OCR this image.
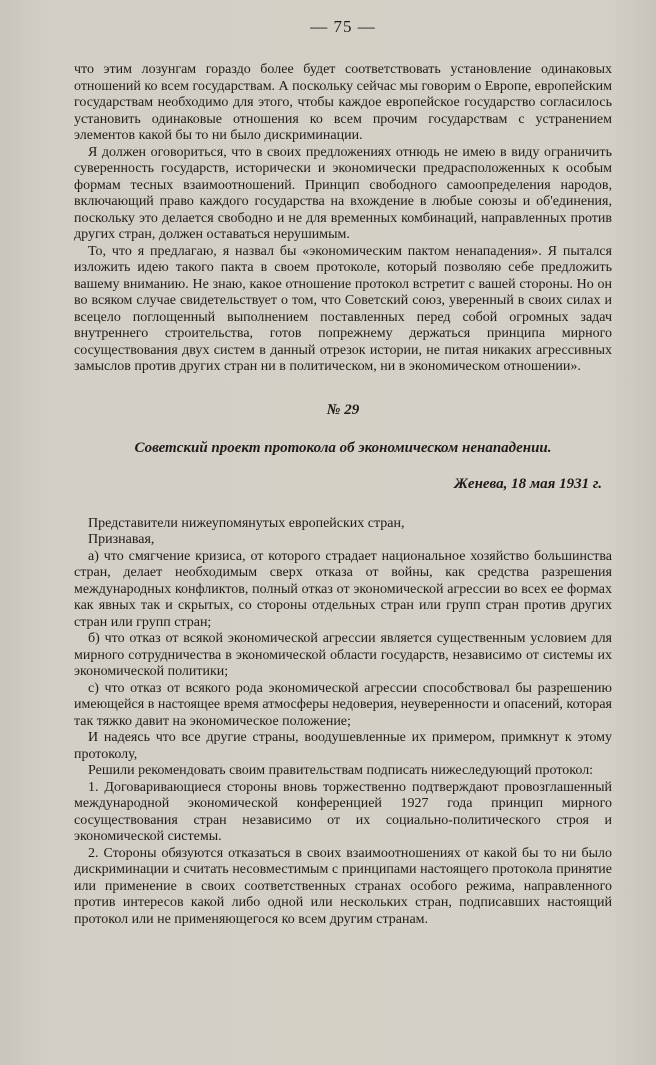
— 75 —

что этим лозунгам гораздо более будет соответствовать установление одинаковых отношений ко всем государствам. А поскольку сейчас мы говорим о Европе, европейским государствам необходимо для этого, чтобы каждое европейское государство согласилось установить одинаковые отношения ко всем прочим государствам с устранением элементов какой бы то ни было дискриминации.

Я должен оговориться, что в своих предложениях отнюдь не имею в виду ограничить суверенность государств, исторически и экономически предрасположенных к особым формам тесных взаимоотношений. Принцип свободного самоопределения народов, включающий право каждого государства на вхождение в любые союзы и об'единения, поскольку это делается свободно и не для временных комбинаций, направленных против других стран, должен оставаться нерушимым.

То, что я предлагаю, я назвал бы «экономическим пактом ненападения». Я пытался изложить идею такого пакта в своем протоколе, который позволяю себе предложить вашему вниманию. Не знаю, какое отношение протокол встретит с вашей стороны. Но он во всяком случае свидетельствует о том, что Советский союз, уверенный в своих силах и всецело поглощенный выполнением поставленных перед собой огромных задач внутреннего строительства, готов попрежнему держаться принципа мирного сосуществования двух систем в данный отрезок истории, не питая никаких агрессивных замыслов против других стран ни в политическом, ни в экономическом отношении».

№ 29
Советский проект протокола об экономическом ненападении.
Женева, 18 мая 1931 г.

Представители нижеупомянутых европейских стран,

Признавая,

а) что смягчение кризиса, от которого страдает национальное хозяйство большинства стран, делает необходимым сверх отказа от войны, как средства разрешения международных конфликтов, полный отказ от экономической агрессии во всех ее формах как явных так и скрытых, со стороны отдельных стран или групп стран против других стран или групп стран;

б) что отказ от всякой экономической агрессии является существенным условием для мирного сотрудничества в экономической области государств, независимо от системы их экономической политики;

с) что отказ от всякого рода экономической агрессии способствовал бы разрешению имеющейся в настоящее время атмосферы недоверия, неуверенности и опасений, которая так тяжко давит на экономическое положение;

И надеясь что все другие страны, воодушевленные их примером, примкнут к этому протоколу,

Решили рекомендовать своим правительствам подписать нижеследующий протокол:

1. Договаривающиеся стороны вновь торжественно подтверждают провозглашенный международной экономической конференцией 1927 года принцип мирного сосуществования стран независимо от их социально-политического строя и экономической системы.

2. Стороны обязуются отказаться в своих взаимоотношениях от какой бы то ни было дискриминации и считать несовместимым с принципами настоящего протокола принятие или применение в своих соответственных странах особого режима, направленного против интересов какой либо одной или нескольких стран, подписавших настоящий протокол или не применяющегося ко всем другим странам.
